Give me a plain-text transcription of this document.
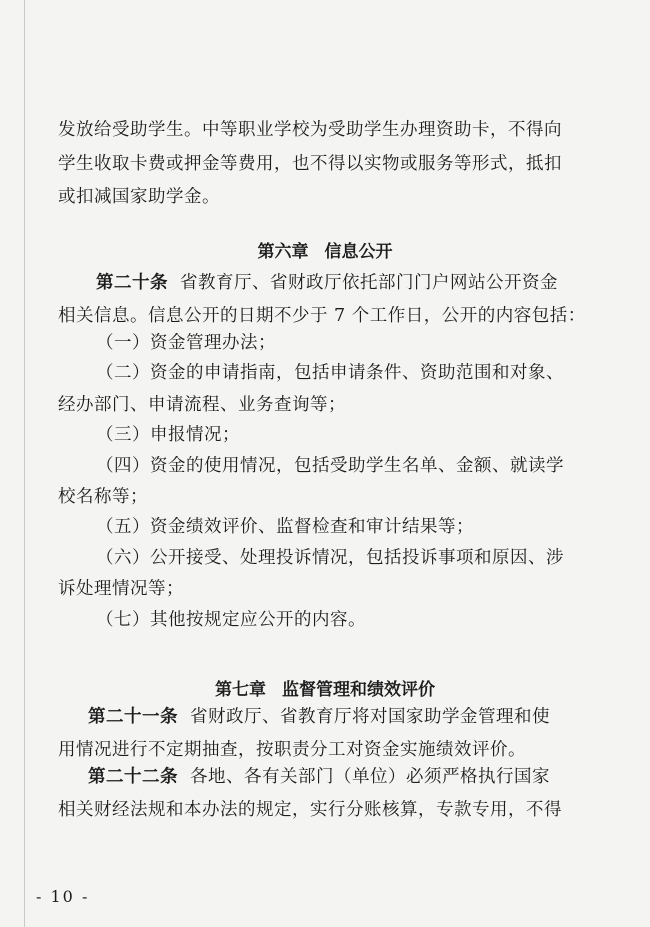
发放给受助学生。中等职业学校为受助学生办理资助卡，不得向
学生收取卡费或押金等费用，也不得以实物或服务等形式，抵扣
或扣减国家助学金。
第六章 信息公开
第二十条 省教育厅、省财政厅依托部门门户网站公开资金
相关信息。信息公开的日期不少于 7 个工作日，公开的内容包括：
（一）资金管理办法；
（二）资金的申请指南，包括申请条件、资助范围和对象、
经办部门、申请流程、业务查询等；
（三）申报情况；
（四）资金的使用情况，包括受助学生名单、金额、就读学
校名称等；
（五）资金绩效评价、监督检查和审计结果等；
（六）公开接受、处理投诉情况，包括投诉事项和原因、涉
诉处理情况等；
（七）其他按规定应公开的内容。
第七章 监督管理和绩效评价
第二十一条 省财政厅、省教育厅将对国家助学金管理和使
用情况进行不定期抽查，按职责分工对资金实施绩效评价。
第二十二条 各地、各有关部门（单位）必须严格执行国家
相关财经法规和本办法的规定，实行分账核算，专款专用，不得
- 10 -
